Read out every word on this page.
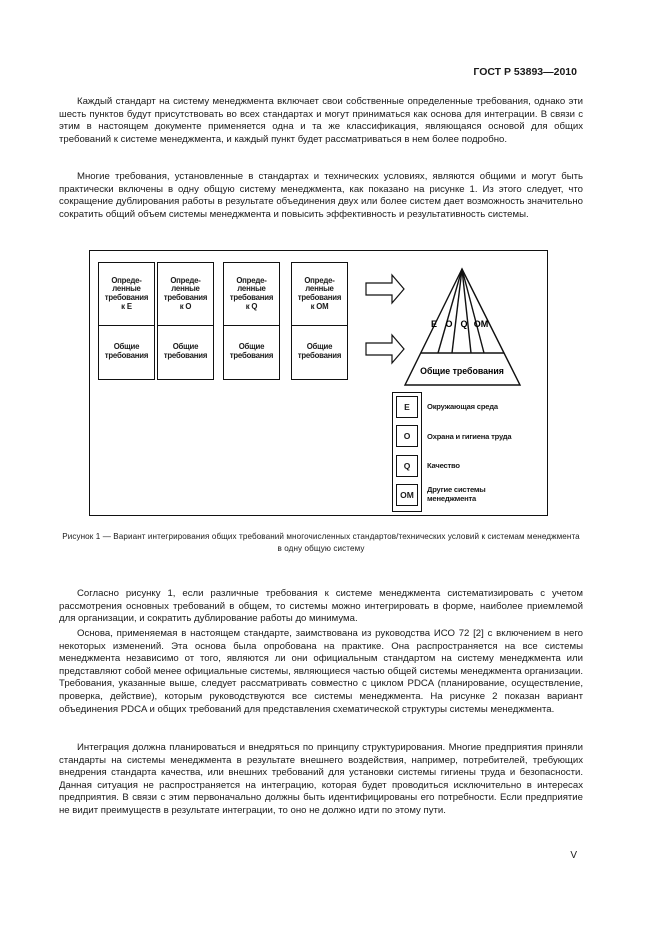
ГОСТ Р 53893—2010

Каждый стандарт на систему менеджмента включает свои собственные определенные требования, однако эти шесть пунктов будут присутствовать во всех стандартах и могут приниматься как основа для интеграции. В связи с этим в настоящем документе применяется одна и та же классификация, являющаяся основой для общих требований к системе менеджмента, и каждый пункт будет рассматриваться в нем более подробно.

Многие требования, установленные в стандартах и технических условиях, являются общими и могут быть практически включены в одну общую систему менеджмента, как показано на рисунке 1. Из этого следует, что сокращение дублирования работы в результате объединения двух или более систем дает возможность значительно сократить общий объем системы менеджмента и повысить эффективность и результативность системы.

Опреде-
ленные
требования
к Е
Общие
требования
Опреде-
ленные
требования
к О
Общие
требования
Опреде-
ленные
требования
к Q
Общие
требования
Опреде-
ленные
требования
к ОМ
Общие
требования
E O Q OM
Общие требования
E
O
Q
OM
Окружающая среда
Охрана и гигиена труда
Качество
Другие системы
менеджмента
Рисунок 1 — Вариант интегрирования общих требований многочисленных стандартов/технических условий к системам менеджмента в одну общую систему

Согласно рисунку 1, если различные требования к системе менеджмента систематизировать с учетом рассмотрения основных требований в общем, то системы можно интегрировать в форме, наиболее приемлемой для организации, и сократить дублирование работы до минимума.

Основа, применяемая в настоящем стандарте, заимствована из руководства ИСО 72 [2] с включением в него некоторых изменений. Эта основа была опробована на практике. Она распространяется на все системы менеджмента независимо от того, являются ли они официальным стандартом на систему менеджмента или представляют собой менее официальные системы, являющиеся частью общей системы менеджмента организации. Требования, указанные выше, следует рассматривать совместно с циклом PDCA (планирование, осуществление, проверка, действие), которым руководствуются все системы менеджмента. На рисунке 2 показан вариант объединения PDCA и общих требований для представления схематической структуры системы менеджмента.

Интеграция должна планироваться и внедряться по принципу структурирования. Многие предприятия приняли стандарты на системы менеджмента в результате внешнего воздействия, например, потребителей, требующих внедрения стандарта качества, или внешних требований для установки системы гигиены труда и безопасности. Данная ситуация не распространяется на интеграцию, которая будет проводиться исключительно в интересах предприятия. В связи с этим первоначально должны быть идентифицированы его потребности. Если предприятие не видит преимуществ в результате интеграции, то оно не должно идти по этому пути.

V
